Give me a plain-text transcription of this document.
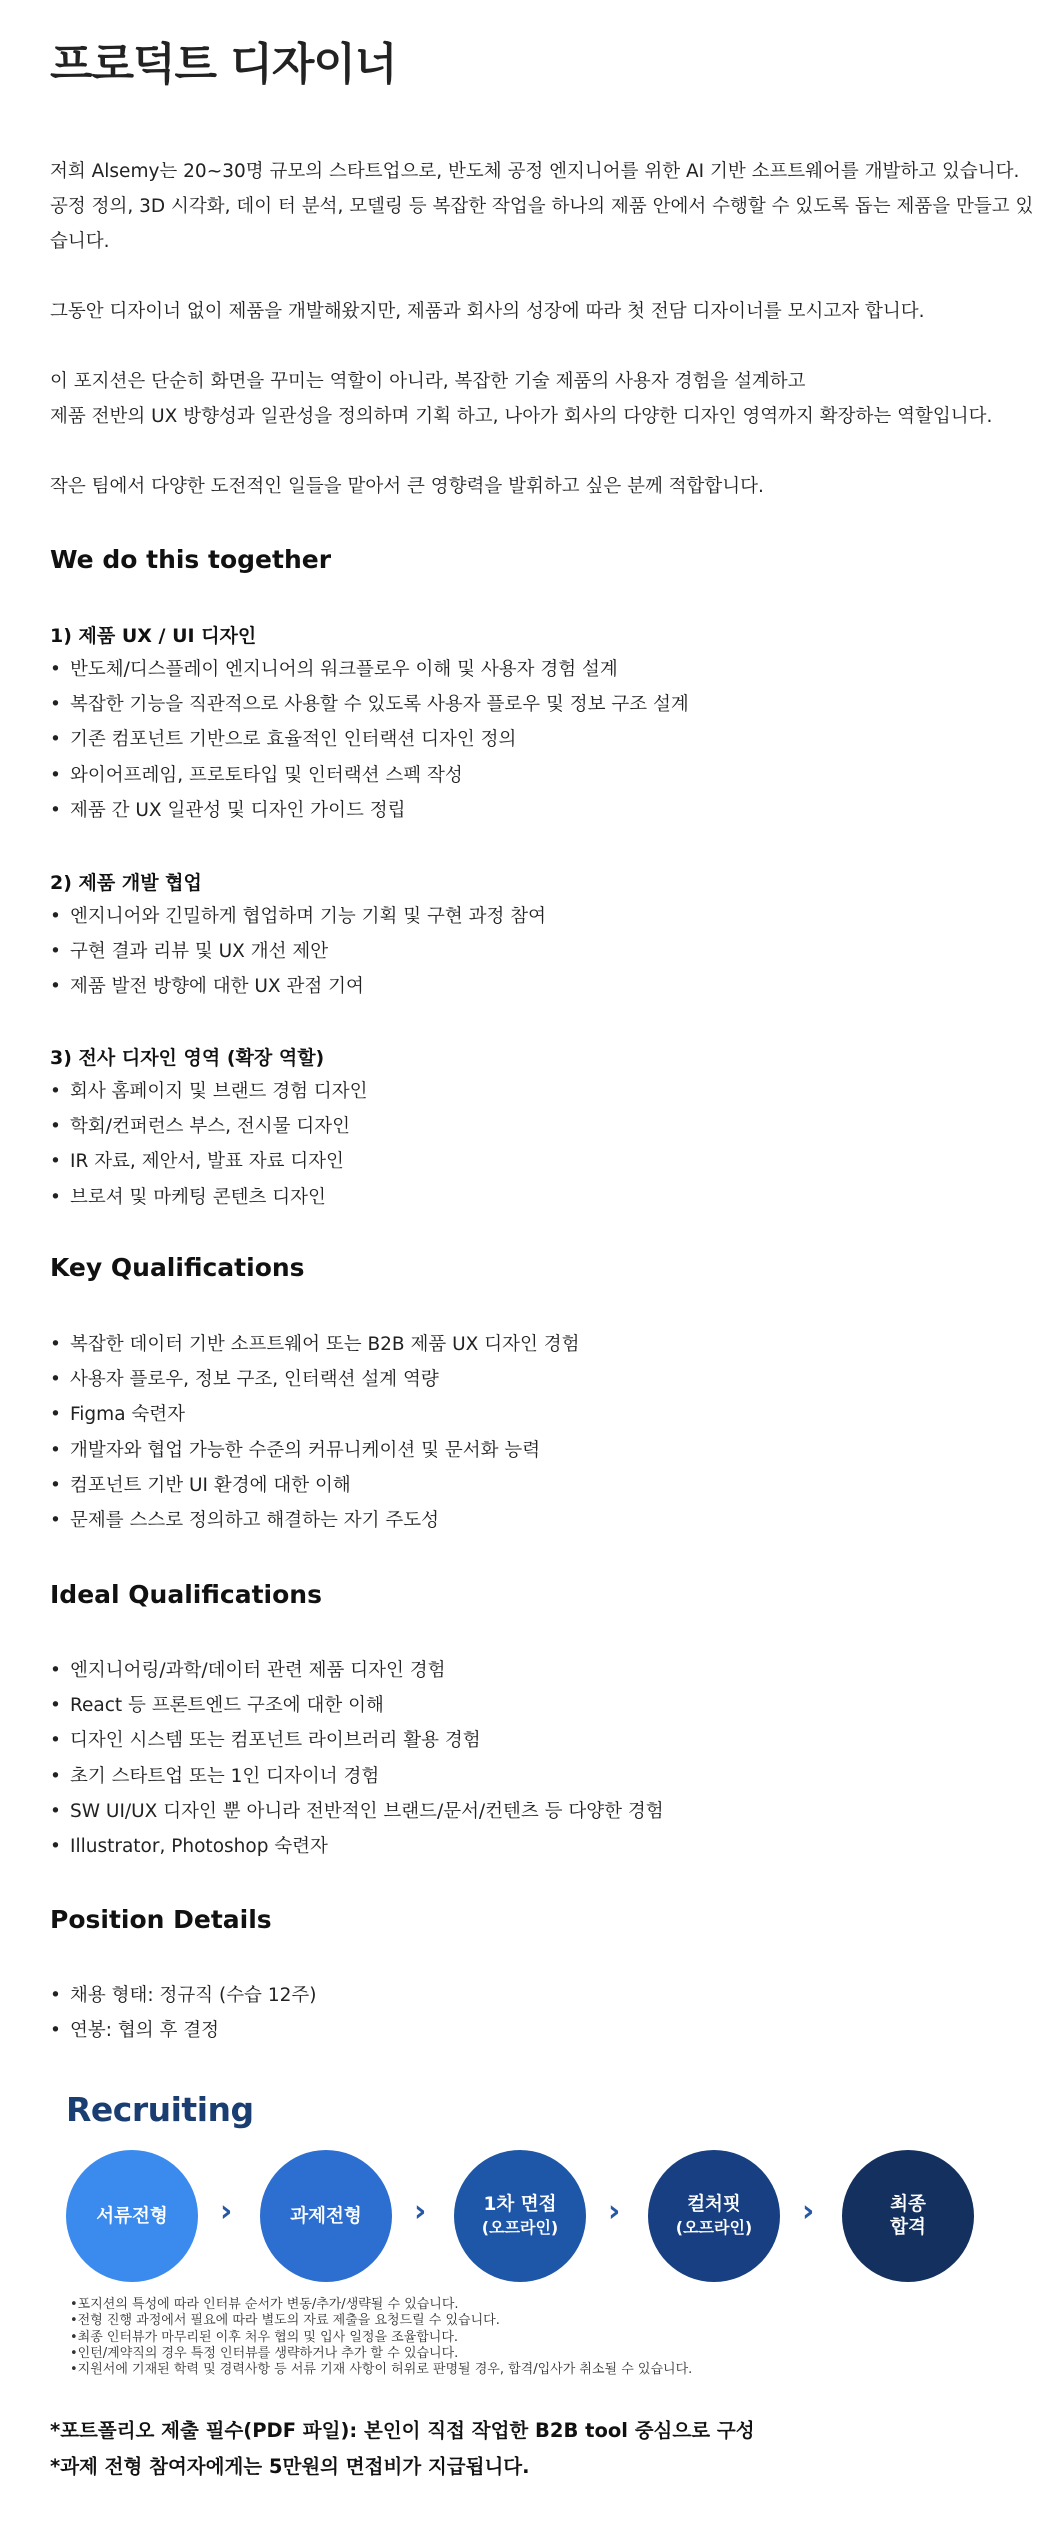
프로덕트 디자이너

저희 Alsemy는 20~30명 규모의 스타트업으로, 반도체 공정 엔지니어를 위한 AI 기반 소프트웨어를 개발하고 있습니다.
공정 정의, 3D 시각화, 데이 터 분석, 모델링 등 복잡한 작업을 하나의 제품 안에서 수행할 수 있도록 돕는 제품을 만들고 있
습니다.

그동안 디자이너 없이 제품을 개발해왔지만, 제품과 회사의 성장에 따라 첫 전담 디자이너를 모시고자 합니다.

이 포지션은 단순히 화면을 꾸미는 역할이 아니라, 복잡한 기술 제품의 사용자 경험을 설계하고
제품 전반의 UX 방향성과 일관성을 정의하며 기획 하고, 나아가 회사의 다양한 디자인 영역까지 확장하는 역할입니다.

작은 팀에서 다양한 도전적인 일들을 맡아서 큰 영향력을 발휘하고 싶은 분께 적합합니다.

We do this together
1) 제품 UX / UI 디자인
• 반도체/디스플레이 엔지니어의 워크플로우 이해 및 사용자 경험 설계
• 복잡한 기능을 직관적으로 사용할 수 있도록 사용자 플로우 및 정보 구조 설계
• 기존 컴포넌트 기반으로 효율적인 인터랙션 디자인 정의
• 와이어프레임, 프로토타입 및 인터랙션 스펙 작성
• 제품 간 UX 일관성 및 디자인 가이드 정립
2) 제품 개발 협업
• 엔지니어와 긴밀하게 협업하며 기능 기획 및 구현 과정 참여
• 구현 결과 리뷰 및 UX 개선 제안
• 제품 발전 방향에 대한 UX 관점 기여
3) 전사 디자인 영역 (확장 역할)
• 회사 홈페이지 및 브랜드 경험 디자인
• 학회/컨퍼런스 부스, 전시물 디자인
• IR 자료, 제안서, 발표 자료 디자인
• 브로셔 및 마케팅 콘텐츠 디자인
Key Qualifications
• 복잡한 데이터 기반 소프트웨어 또는 B2B 제품 UX 디자인 경험
• 사용자 플로우, 정보 구조, 인터랙션 설계 역량
• Figma 숙련자
• 개발자와 협업 가능한 수준의 커뮤니케이션 및 문서화 능력
• 컴포넌트 기반 UI 환경에 대한 이해
• 문제를 스스로 정의하고 해결하는 자기 주도성
Ideal Qualifications
• 엔지니어링/과학/데이터 관련 제품 디자인 경험
• React 등 프론트엔드 구조에 대한 이해
• 디자인 시스템 또는 컴포넌트 라이브러리 활용 경험
• 초기 스타트업 또는 1인 디자이너 경험
• SW UI/UX 디자인 뿐 아니라 전반적인 브랜드/문서/컨텐츠 등 다양한 경험
• Illustrator, Photoshop 숙련자
Position Details
• 채용 형태: 정규직 (수습 12주)
• 연봉: 협의 후 결정
Recruiting
서류전형 ›	과제전형 ›	1차 면접
(오프라인) ›	컬처핏
(오프라인) ›	최종
합격
•포지션의 특성에 따라 인터뷰 순서가 변동/추가/생략될 수 있습니다.
•전형 진행 과정에서 필요에 따라 별도의 자료 제출을 요청드릴 수 있습니다.
•최종 인터뷰가 마무리된 이후 처우 협의 및 입사 일정을 조율합니다.
•인턴/계약직의 경우 특정 인터뷰를 생략하거나 추가 할 수 있습니다.
•지원서에 기재된 학력 및 경력사항 등 서류 기재 사항이 허위로 판명될 경우, 합격/입사가 취소될 수 있습니다.

*포트폴리오 제출 필수(PDF 파일): 본인이 직접 작업한 B2B tool 중심으로 구성

*과제 전형 참여자에게는 5만원의 면접비가 지급됩니다.
